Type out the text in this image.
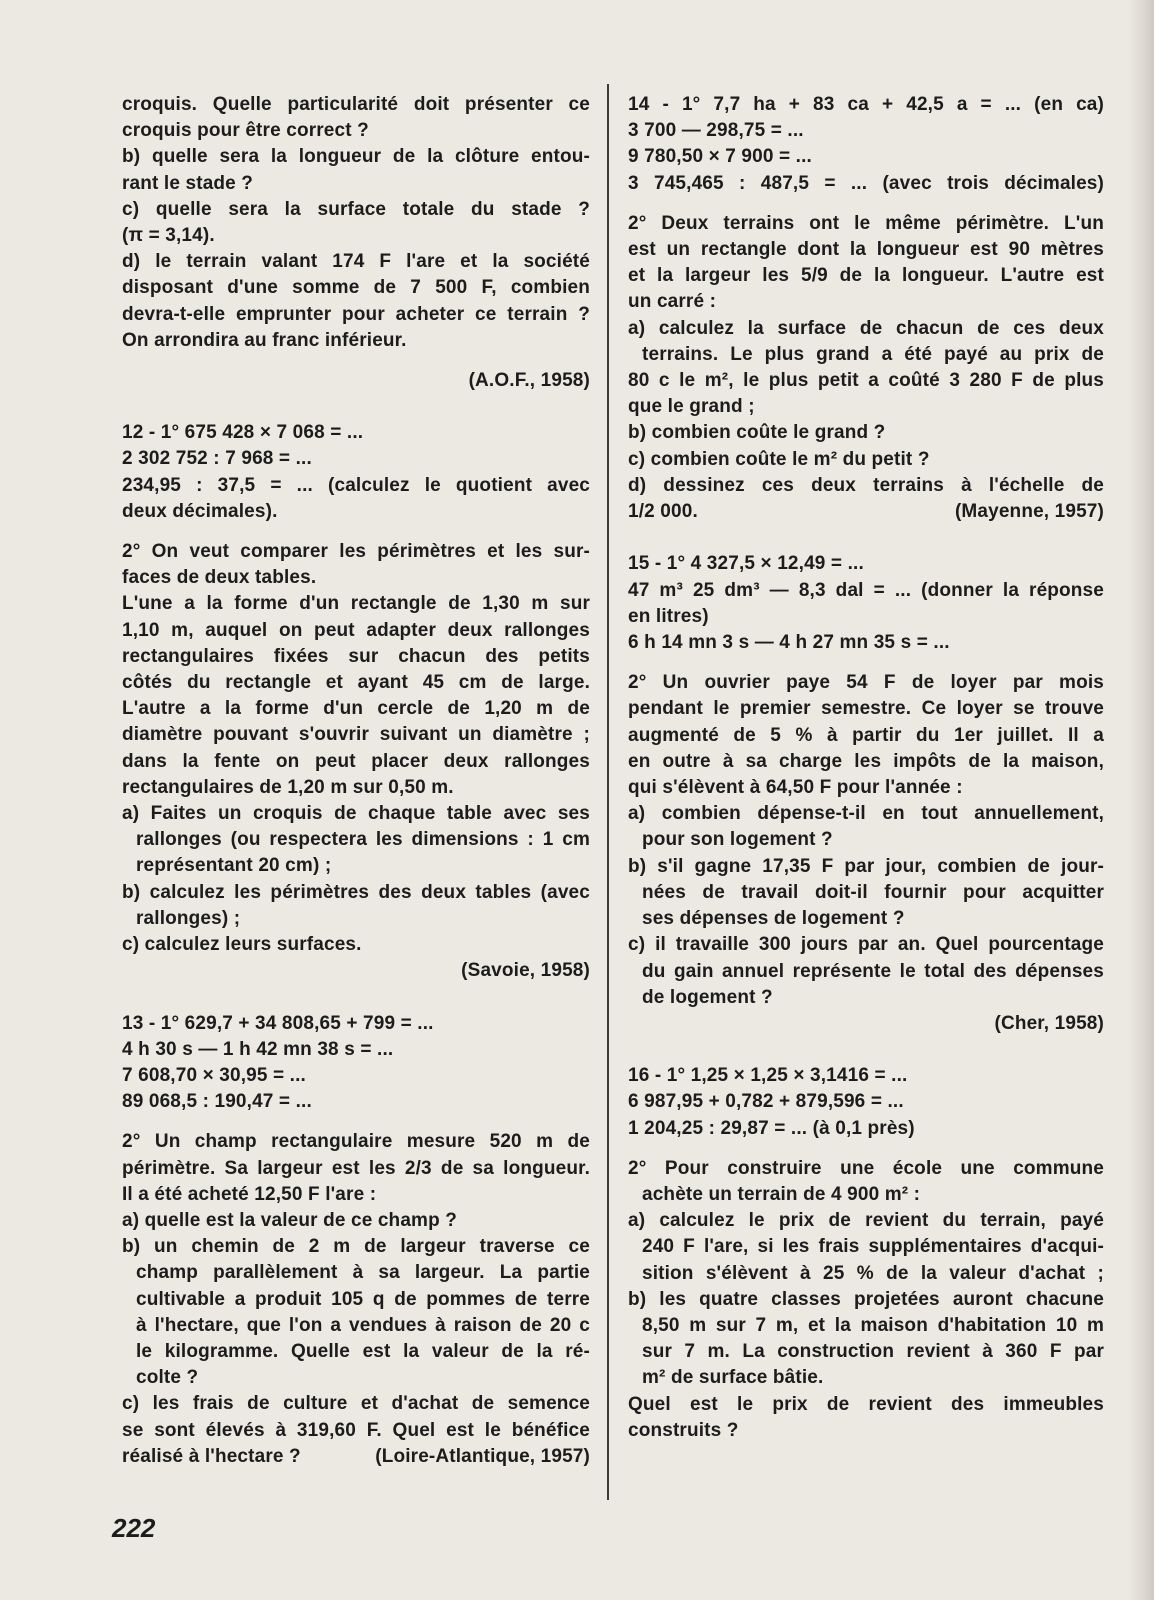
croquis. Quelle particularité doit présenter ce
croquis pour être correct ?
b) quelle sera la longueur de la clôture entou-
rant le stade ?
c) quelle sera la surface totale du stade ?
(π = 3,14).
d) le terrain valant 174 F l'are et la société
disposant d'une somme de 7 500 F, combien
devra-t-elle emprunter pour acheter ce terrain ?
On arrondira au franc inférieur.
(A.O.F., 1958)
12 - 1° 675 428 × 7 068 = ...
2 302 752 : 7 968 = ...
234,95 : 37,5 = ... (calculez le quotient avec
deux décimales).
2° On veut comparer les périmètres et les sur-
faces de deux tables.
L'une a la forme d'un rectangle de 1,30 m sur
1,10 m, auquel on peut adapter deux rallonges
rectangulaires fixées sur chacun des petits
côtés du rectangle et ayant 45 cm de large.
L'autre a la forme d'un cercle de 1,20 m de
diamètre pouvant s'ouvrir suivant un diamètre ;
dans la fente on peut placer deux rallonges
rectangulaires de 1,20 m sur 0,50 m.
a) Faites un croquis de chaque table avec ses
rallonges (ou respectera les dimensions : 1 cm
représentant 20 cm) ;
b) calculez les périmètres des deux tables (avec
rallonges) ;
c) calculez leurs surfaces.
(Savoie, 1958)
13 - 1° 629,7 + 34 808,65 + 799 = ...
4 h 30 s — 1 h 42 mn 38 s = ...
7 608,70 × 30,95 = ...
89 068,5 : 190,47 = ...
2° Un champ rectangulaire mesure 520 m de
périmètre. Sa largeur est les 2/3 de sa longueur.
Il a été acheté 12,50 F l'are :
a) quelle est la valeur de ce champ ?
b) un chemin de 2 m de largeur traverse ce
champ parallèlement à sa largeur. La partie
cultivable a produit 105 q de pommes de terre
à l'hectare, que l'on a vendues à raison de 20 c
le kilogramme. Quelle est la valeur de la ré-
colte ?
c) les frais de culture et d'achat de semence
se sont élevés à 319,60 F. Quel est le bénéfice
réalisé à l'hectare ?	(Loire-Atlantique, 1957)
14 - 1° 7,7 ha + 83 ca + 42,5 a = ... (en ca)
3 700 — 298,75 = ...
9 780,50 × 7 900 = ...
3 745,465 : 487,5 = ... (avec trois décimales)
2° Deux terrains ont le même périmètre. L'un
est un rectangle dont la longueur est 90 mètres
et la largeur les 5/9 de la longueur. L'autre est
un carré :
a) calculez la surface de chacun de ces deux
terrains. Le plus grand a été payé au prix de
80 c le m², le plus petit a coûté 3 280 F de plus
que le grand ;
b) combien coûte le grand ?
c) combien coûte le m² du petit ?
d) dessinez ces deux terrains à l'échelle de
1/2 000.	(Mayenne, 1957)
15 - 1° 4 327,5 × 12,49 = ...
47 m³ 25 dm³ — 8,3 dal = ... (donner la réponse
en litres)
6 h 14 mn 3 s — 4 h 27 mn 35 s = ...
2° Un ouvrier paye 54 F de loyer par mois
pendant le premier semestre. Ce loyer se trouve
augmenté de 5 % à partir du 1er juillet. Il a
en outre à sa charge les impôts de la maison,
qui s'élèvent à 64,50 F pour l'année :
a) combien dépense-t-il en tout annuellement,
pour son logement ?
b) s'il gagne 17,35 F par jour, combien de jour-
nées de travail doit-il fournir pour acquitter
ses dépenses de logement ?
c) il travaille 300 jours par an. Quel pourcentage
du gain annuel représente le total des dépenses
de logement ?
(Cher, 1958)
16 - 1° 1,25 × 1,25 × 3,1416 = ...
6 987,95 + 0,782 + 879,596 = ...
1 204,25 : 29,87 = ... (à 0,1 près)
2° Pour construire une école une commune
achète un terrain de 4 900 m² :
a) calculez le prix de revient du terrain, payé
240 F l'are, si les frais supplémentaires d'acqui-
sition s'élèvent à 25 % de la valeur d'achat ;
b) les quatre classes projetées auront chacune
8,50 m sur 7 m, et la maison d'habitation 10 m
sur 7 m. La construction revient à 360 F par
m² de surface bâtie.
Quel est le prix de revient des immeubles
construits ?
222
